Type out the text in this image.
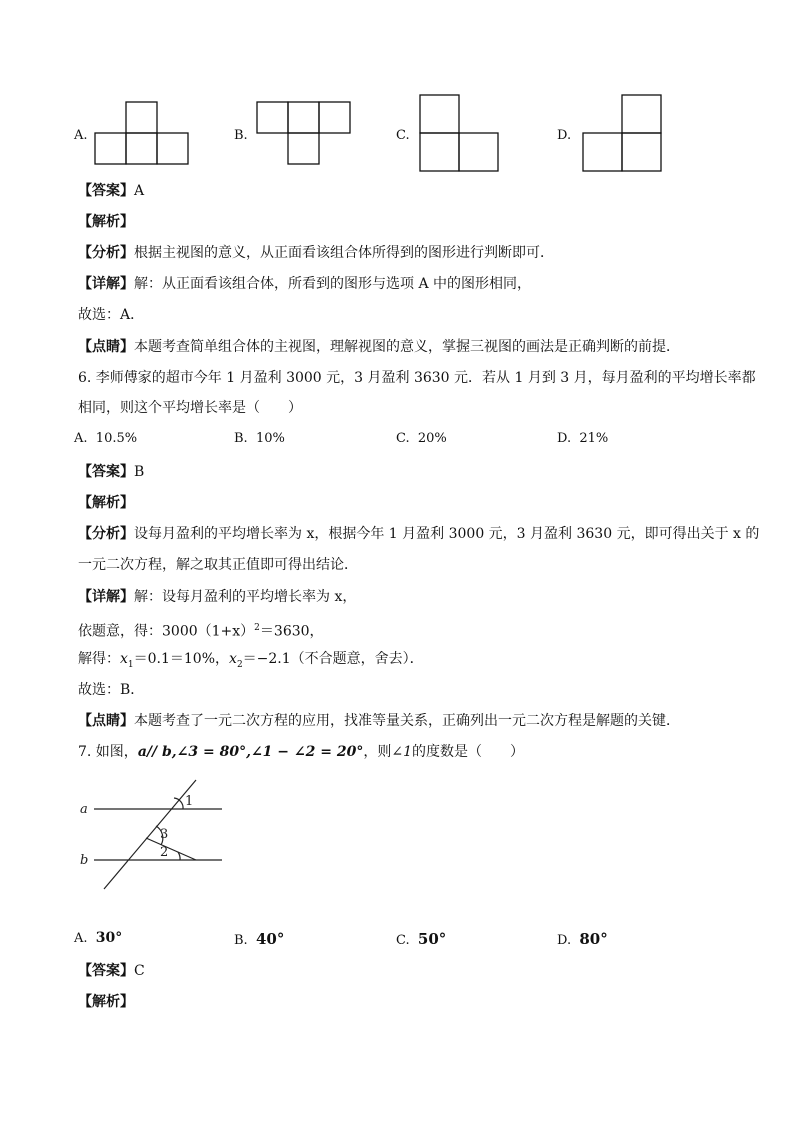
A.	B.	C.	D.
【答案】A
【解析】
【分析】根据主视图的意义，从正面看该组合体所得到的图形进行判断即可．
【详解】解：从正面看该组合体，所看到的图形与选项 A 中的图形相同，
故选：A．
【点睛】本题考查简单组合体的主视图，理解视图的意义，掌握三视图的画法是正确判断的前提．
6. 李师傅家的超市今年 1 月盈利 3000 元，3 月盈利 3630 元．若从 1 月到 3 月，每月盈利的平均增长率都
相同，则这个平均增长率是（　　）
A. 10.5%	B. 10%	C. 20%	D. 21%
【答案】B
【解析】
【分析】设每月盈利的平均增长率为 x，根据今年 1 月盈利 3000 元，3 月盈利 3630 元，即可得出关于 x 的
一元二次方程，解之取其正值即可得出结论．
【详解】解：设每月盈利的平均增长率为 x，
依题意，得：$3000(1+x)^2=3630$，
解得：$x_1=0.1=10\%$，$x_2=-2.1$（不合题意，舍去）．
故选：B．
【点睛】本题考查了一元二次方程的应用，找准等量关系，正确列出一元二次方程是解题的关键．
7. 如图，a// b,∠3 = 80°,∠1 − ∠2 = 20°，则∠1的度数是（　　）
a
b
1
3
2
A. 30°	B. 40°	C. 50°	D. 80°
【答案】C
【解析】
